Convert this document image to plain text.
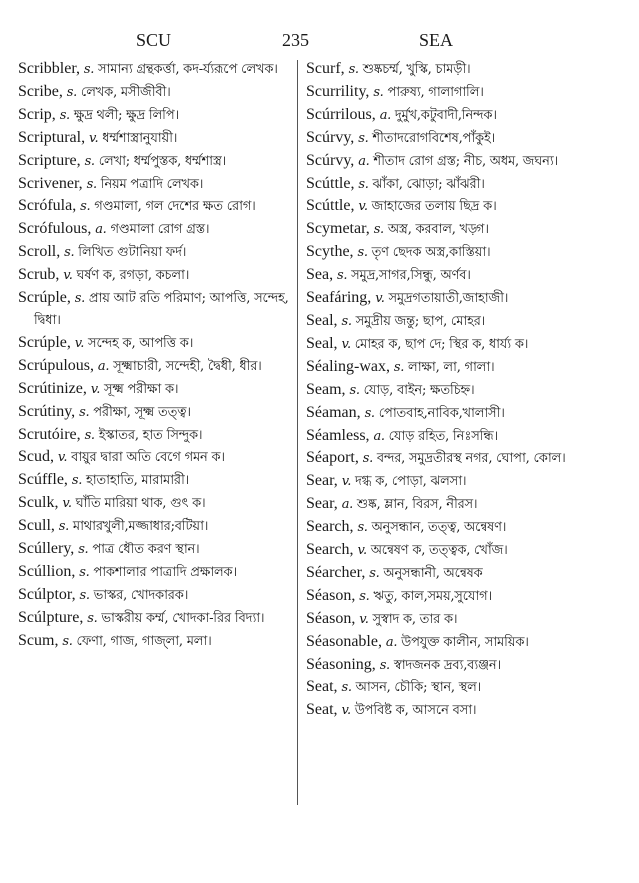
SCU	235	SEA
Scribbler, s. সামান্য গ্রন্থকর্ত্তা, কদ-র্য্যরূপে লেখক।
Scribe, s. লেখক, মসীজীবী।
Scrip, s. ক্ষুদ্র থলী; ক্ষুদ্র লিপি।
Scriptural, v. ধর্ম্মশাস্ত্রানুযায়ী।
Scripture, s. লেখা; ধর্ম্মপুস্তক, ধর্ম্মশাস্ত্র।
Scrivener, s. নিয়ম পত্রাদি লেখক।
Scrófula, s. গণ্ডমালা, গল দেশের ক্ষত রোগ।
Scrófulous, a. গণ্ডমালা রোগ গ্রস্ত।
Scroll, s. লিখিত গুটানিয়া ফর্দ।
Scrub, v. ঘর্ষণ ক, রগড়া, কচলা।
Scrúple, s. প্রায় আট রতি পরিমাণ; আপত্তি, সন্দেহ, দ্বিধা।
Scrúple, v. সন্দেহ ক, আপত্তি ক।
Scrúpulous, a. সূক্ষ্মাচারী, সন্দেহী, দ্বৈধী, ধীর।
Scrútinize, v. সূক্ষ্ম পরীক্ষা ক।
Scrútiny, s. পরীক্ষা, সূক্ষ্ম তত্ত্ব।
Scrutóire, s. ইস্কাতর, হাত সিন্দুক।
Scud, v. বায়ুর দ্বারা অতি বেগে গমন ক।
Scúffle, s. হাতাহাতি, মারামারী।
Sculk, v. ঘাঁতি মারিয়া থাক, গুৎ ক।
Scull, s. মাথারখুলী,মজ্জাধার;বটিয়া।
Scúllery, s. পাত্র ধৌত করণ স্থান।
Scúllion, s. পাকশালার পাত্রাদি প্রক্ষালক।
Scúlptor, s. ভাস্কর, খোদকারক।
Scúlpture, s. ভাস্করীয় কর্ম্ম, খোদকা-রির বিদ্যা।
Scum, s. ফেণা, গাজ, গাজ্‌লা, মলা।
Scurf, s. শুষ্কচর্ম্ম, খুস্কি, চামড়ী।
Scurrility, s. পারুষ্য, গালাগালি।
Scúrrilous, a. দুর্মুখ,কটুবাদী,নিন্দক।
Scúrvy, s. শীতাদরোগবিশেষ,পাঁকুই।
Scúrvy, a. শীতাদ রোগ গ্রস্ত; নীচ, অধম, জঘন্য।
Scúttle, s. ঝাঁকা, ঝোড়া; ঝাঁঝরী।
Scúttle, v. জাহাজের তলায় ছিদ্র ক।
Scymetar, s. অস্ত্র, করবাল, খড়্গ।
Scythe, s. তৃণ ছেদক অস্ত্র,কাস্তিয়া।
Sea, s. সমুদ্র,সাগর,সিন্ধু, অর্ণব।
Seafáring, v. সমুদ্রগতায়াতী,জাহাজী।
Seal, s. সমুদ্রীয় জন্তু; ছাপ, মোহর।
Seal, v. মোহর ক, ছাপ দে; স্থির ক, ধার্য্য ক।
Séaling-wax, s. লাক্ষা, লা, গালা।
Seam, s. যোড়, বাইন; ক্ষতচিহ্ন।
Séaman, s. পোতবাহ,নাবিক,খালাসী।
Séamless, a. যোড় রহিত, নিঃসন্ধি।
Séaport, s. বন্দর, সমুদ্রতীরস্থ নগর, ঘোপা, কোল।
Sear, v. দগ্ধ ক, পোড়া, ঝলসা।
Sear, a. শুষ্ক, ম্লান, বিরস, নীরস।
Search, s. অনুসন্ধান, তত্ত্ব, অন্বেষণ।
Search, v. অন্বেষণ ক, তত্ত্বক, খোঁজ।
Séarcher, s. অনুসন্ধানী, অন্বেষক
Séason, s. ঋতু, কাল,সময়,সুযোগ।
Séason, v. সুস্বাদ ক, তার ক।
Séasonable, a. উপযুক্ত কালীন, সাময়িক।
Séasoning, s. স্বাদজনক দ্রব্য,ব্যঞ্জন।
Seat, s. আসন, চৌকি; স্থান, স্থল।
Seat, v. উপবিষ্ট ক, আসনে বসা।
